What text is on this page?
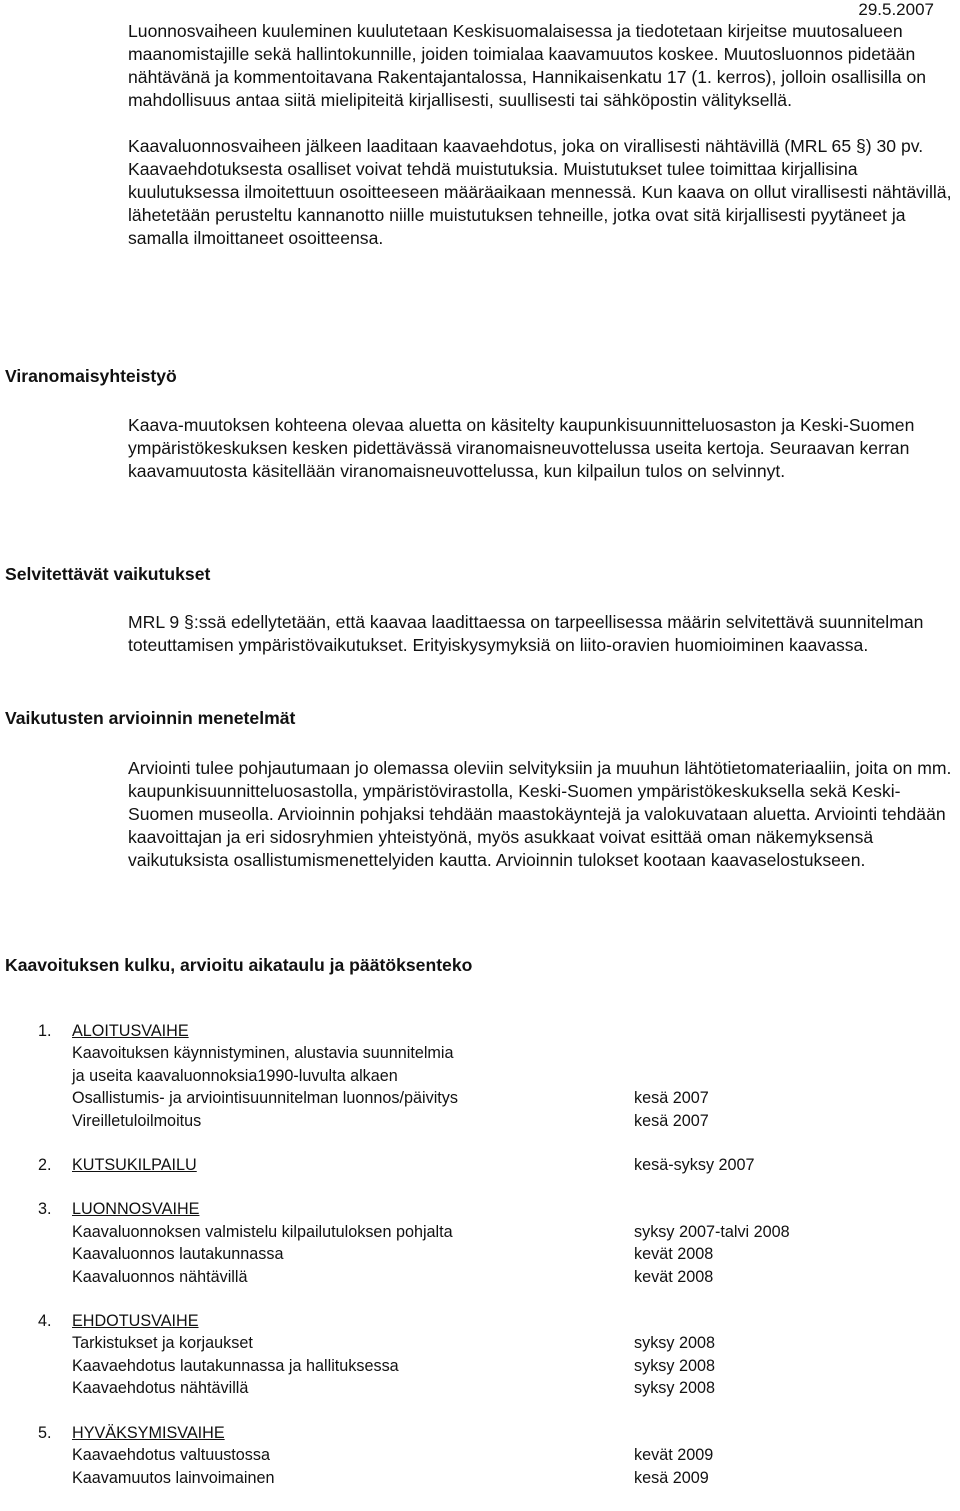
29.5.2007

Luonnosvaiheen kuuleminen kuulutetaan Keskisuomalaisessa ja tiedotetaan kirjeitse muutosalueen maanomistajille sekä hallintokunnille, joiden toimialaa kaavamuutos koskee. Muutosluonnos pidetään nähtävänä ja kommentoitavana Rakentajantalossa, Hannikaisenkatu 17 (1. kerros), jolloin osallisilla on mahdollisuus antaa siitä mielipiteitä kirjallisesti, suullisesti tai sähköpostin välityksellä.

Kaavaluonnosvaiheen jälkeen laaditaan kaavaehdotus, joka on virallisesti nähtävillä (MRL 65 §) 30 pv. Kaavaehdotuksesta osalliset voivat tehdä muistutuksia. Muistutukset tulee toimittaa kirjallisina kuulutuksessa ilmoitettuun osoitteeseen määräaikaan mennessä. Kun kaava on ollut virallisesti nähtävillä, lähetetään perusteltu kannanotto niille muistutuksen tehneille, jotka ovat sitä kirjallisesti pyytäneet ja samalla ilmoittaneet osoitteensa.

Viranomaisyhteistyö

Kaava-muutoksen kohteena olevaa aluetta on käsitelty kaupunkisuunnitteluosaston ja Keski-Suomen ympäristökeskuksen kesken pidettävässä viranomaisneuvottelussa useita kertoja. Seuraavan kerran kaavamuutosta käsitellään viranomaisneuvottelussa, kun kilpailun tulos on selvinnyt.

Selvitettävät vaikutukset

MRL 9 §:ssä edellytetään, että kaavaa laadittaessa on tarpeellisessa määrin selvitettävä suunnitelman toteuttamisen ympäristövaikutukset. Erityiskysymyksiä on liito-oravien huomioiminen kaavassa.

Vaikutusten arvioinnin menetelmät

Arviointi tulee pohjautumaan jo olemassa oleviin selvityksiin ja muuhun lähtötietomateriaaliin, joita on mm. kaupunkisuunnitteluosastolla, ympäristövirastolla, Keski-Suomen ympäristökeskuksella sekä Keski-Suomen museolla. Arvioinnin pohjaksi tehdään maastokäyntejä ja valokuvataan aluetta. Arviointi tehdään kaavoittajan ja eri sidosryhmien yhteistyönä, myös asukkaat voivat esittää oman näkemyksensä vaikutuksista osallistumismenettelyiden kautta. Arvioinnin tulokset kootaan kaavaselostukseen.

Kaavoituksen kulku, arvioitu aikataulu ja päätöksenteko
1.	ALOITUSVAIHE
Kaavoituksen käynnistyminen, alustavia suunnitelmia
ja useita kaavaluonnoksia1990-luvulta alkaen
Osallistumis- ja arviointisuunnitelman luonnos/päivitys	kesä 2007
Vireilletuloilmoitus	kesä 2007
2.	KUTSUKILPAILU	kesä-syksy 2007
3.	LUONNOSVAIHE
Kaavaluonnoksen valmistelu kilpailutuloksen pohjalta	syksy 2007-talvi 2008
Kaavaluonnos lautakunnassa	kevät 2008
Kaavaluonnos nähtävillä	kevät 2008
4.	EHDOTUSVAIHE
Tarkistukset ja korjaukset	syksy 2008
Kaavaehdotus lautakunnassa ja hallituksessa	syksy 2008
Kaavaehdotus nähtävillä	syksy 2008
5.	HYVÄKSYMISVAIHE
Kaavaehdotus valtuustossa	kevät 2009
Kaavamuutos lainvoimainen	kesä 2009
